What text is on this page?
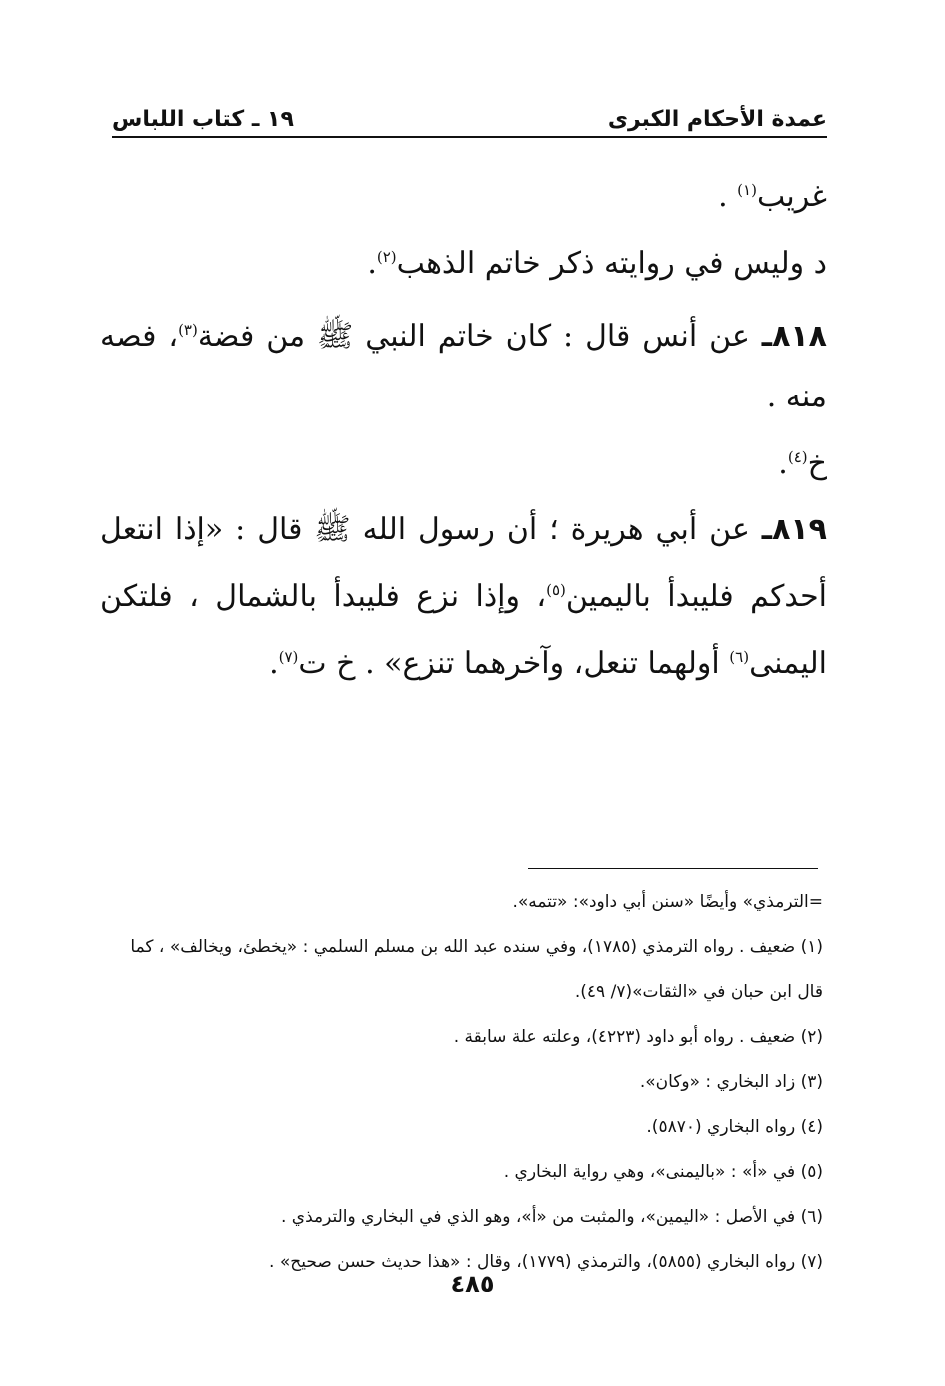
عمدة الأحكام الكبرى
١٩ ـ كتاب اللباس

غريب$^{(١)}$ .

د وليس في روايته ذكر خاتم الذهب$^{(٢)}$.

٨١٨ـ عن أنس قال : كان خاتم النبي ﷺ من فضة$^{(٣)}$، فصه منه .

خ$^{(٤)}$.

٨١٩ـ عن أبي هريرة ؛ أن رسول الله ﷺ قال : «إذا انتعل أحدكم فليبدأ باليمين$^{(٥)}$، وإذا نزع فليبدأ بالشمال ، فلتكن اليمنى$^{(٦)}$ أولهما تنعل، وآخرهما تنزع» . خ ت$^{(٧)}$.

=الترمذي» وأيضًا «سنن أبي داود»: «تتمه».

(١) ضعيف . رواه الترمذي (١٧٨٥)، وفي سنده عبد الله بن مسلم السلمي : «يخطئ، ويخالف» ، كما قال ابن حبان في «الثقات»(٧/ ٤٩).

(٢) ضعيف . رواه أبو داود (٤٢٢٣)، وعلته علة سابقة .

(٣) زاد البخاري : «وكان».

(٤) رواه البخاري (٥٨٧٠).

(٥) في «أ» : «باليمنى»، وهي رواية البخاري .

(٦) في الأصل : «اليمين»، والمثبت من «أ»، وهو الذي في البخاري والترمذي .

(٧) رواه البخاري (٥٨٥٥)، والترمذي (١٧٧٩)، وقال : «هذا حديث حسن صحيح» .

٤٨٥
